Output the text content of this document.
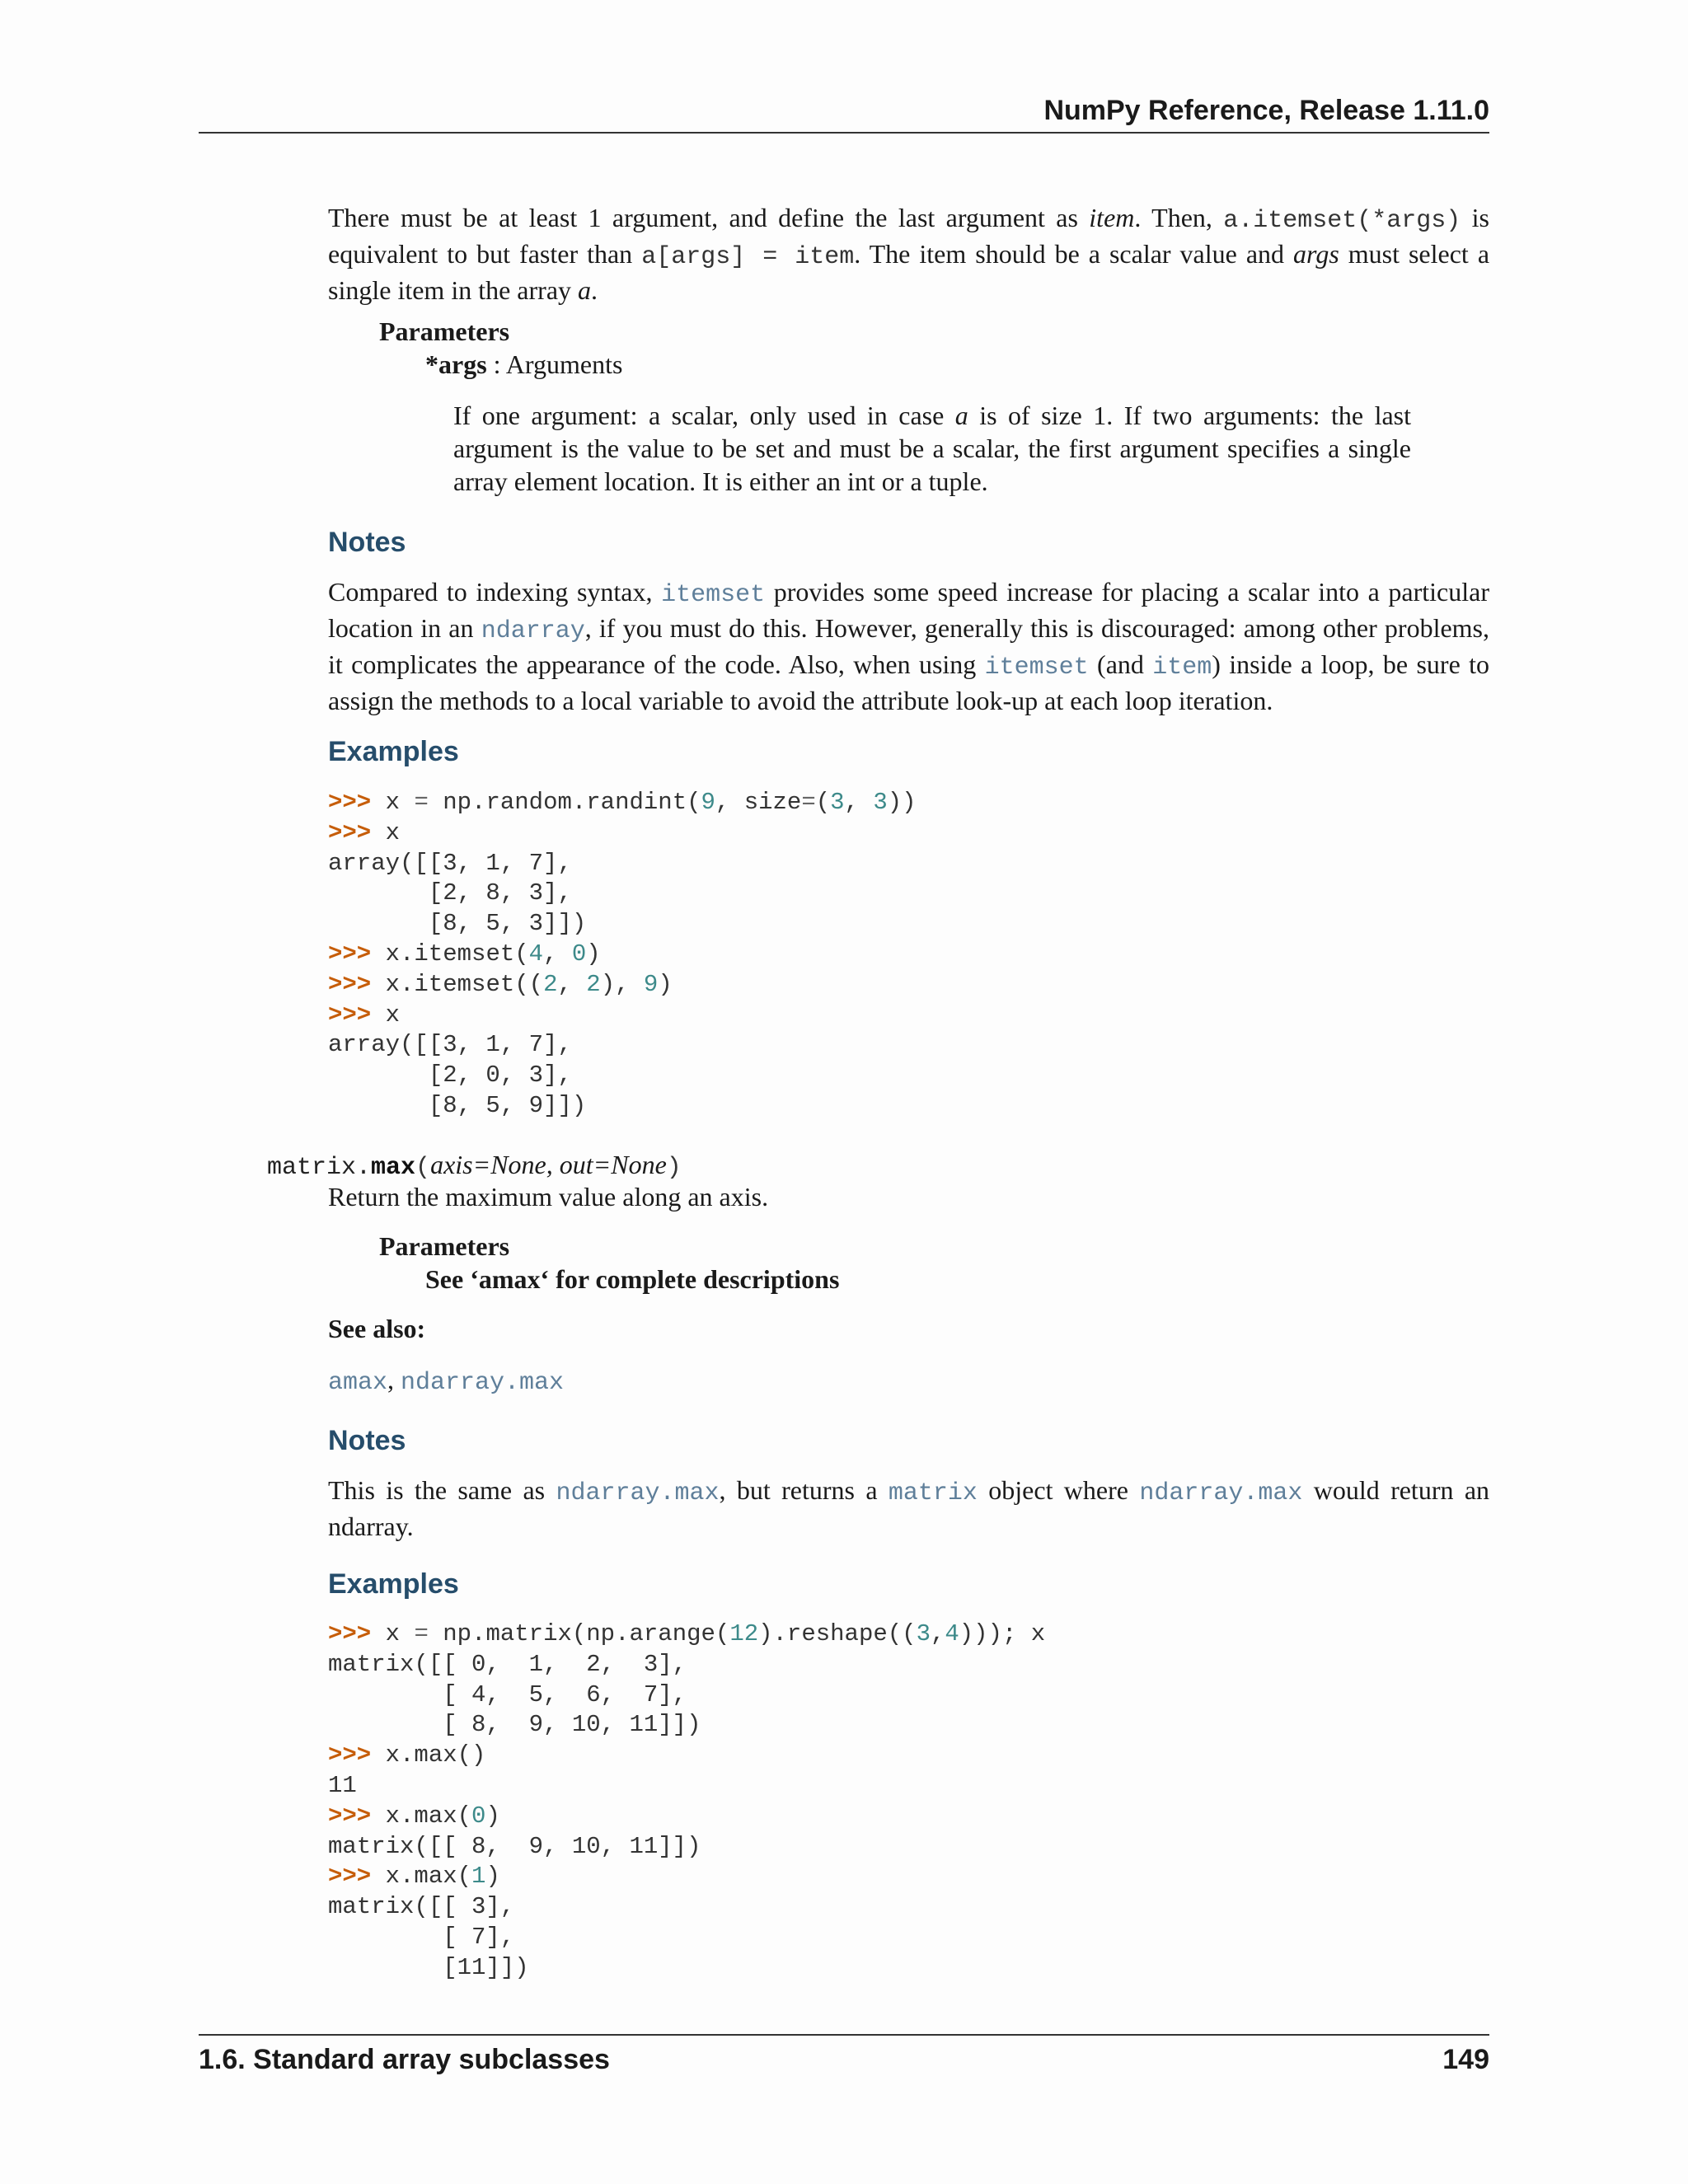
NumPy Reference, Release 1.11.0
There must be at least 1 argument, and define the last argument as item. Then, a.itemset(*args) is equivalent to but faster than a[args] = item. The item should be a scalar value and args must select a single item in the array a.
Parameters
*args : Arguments
If one argument: a scalar, only used in case a is of size 1. If two arguments: the last argument is the value to be set and must be a scalar, the first argument specifies a single array element location. It is either an int or a tuple.
Notes
Compared to indexing syntax, itemset provides some speed increase for placing a scalar into a particular location in an ndarray, if you must do this. However, generally this is discouraged: among other problems, it complicates the appearance of the code. Also, when using itemset (and item) inside a loop, be sure to assign the methods to a local variable to avoid the attribute look-up at each loop iteration.
Examples
>>> x = np.random.randint(9, size=(3, 3))
>>> x
array([[3, 1, 7],
[2, 8, 3],
[8, 5, 3]])
>>> x.itemset(4, 0)
>>> x.itemset((2, 2), 9)
>>> x
array([[3, 1, 7],
[2, 0, 3],
[8, 5, 9]])
matrix.max(axis=None, out=None)
Return the maximum value along an axis.
Parameters
See ‘amax‘ for complete descriptions
See also:
amax, ndarray.max
Notes
This is the same as ndarray.max, but returns a matrix object where ndarray.max would return an ndarray.
Examples
>>> x = np.matrix(np.arange(12).reshape((3,4))); x
matrix([[ 0,  1,  2,  3],
[ 4,  5,  6,  7],
[ 8,  9, 10, 11]])
>>> x.max()
11
>>> x.max(0)
matrix([[ 8,  9, 10, 11]])
>>> x.max(1)
matrix([[ 3],
[ 7],
[11]])
1.6. Standard array subclasses	149
